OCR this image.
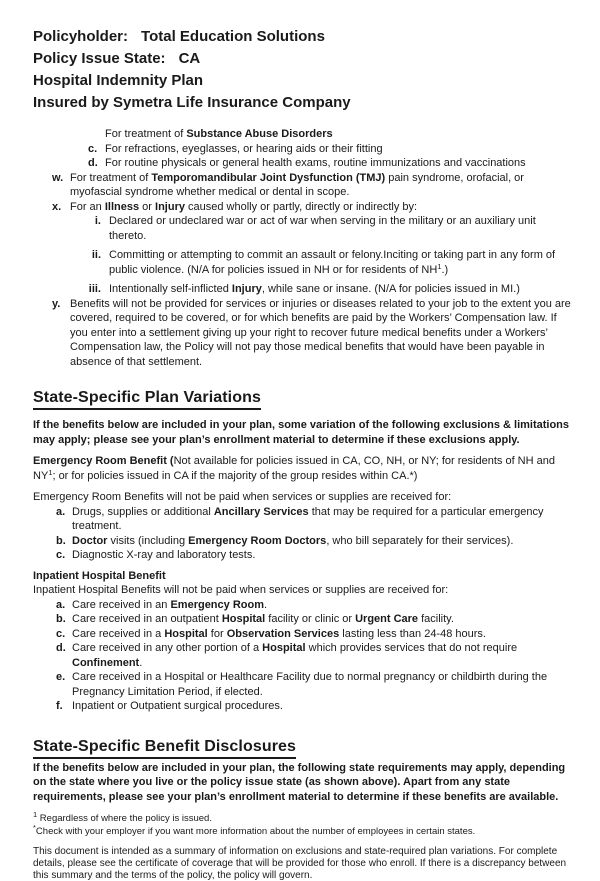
Policyholder: Total Education Solutions
Policy Issue State: CA
Hospital Indemnity Plan
Insured by Symetra Life Insurance Company
For treatment of Substance Abuse Disorders
c. For refractions, eyeglasses, or hearing aids or their fitting
d. For routine physicals or general health exams, routine immunizations and vaccinations
w. For treatment of Temporomandibular Joint Dysfunction (TMJ) pain syndrome, orofacial, or myofascial syndrome whether medical or dental in scope.
x. For an Illness or Injury caused wholly or partly, directly or indirectly by:
i. Declared or undeclared war or act of war when serving in the military or an auxiliary unit thereto.
ii. Committing or attempting to commit an assault or felony.Inciting or taking part in any form of public violence. (N/A for policies issued in NH or for residents of $NH^1$.)
iii. Intentionally self-inflicted Injury, while sane or insane. (N/A for policies issued in MI.)
y. Benefits will not be provided for services or injuries or diseases related to your job to the extent you are covered, required to be covered, or for which benefits are paid by the Workers’ Compensation law. If you enter into a settlement giving up your right to recover future medical benefits under a Workers’ Compensation law, the Policy will not pay those medical benefits that would have been payable in absence of that settlement.
State-Specific Plan Variations

If the benefits below are included in your plan, some variation of the following exclusions & limitations may apply; please see your plan’s enrollment material to determine if these exclusions apply.

Emergency Room Benefit (Not available for policies issued in CA, CO, NH, or NY; for residents of NH and $NY^1$; or for policies issued in CA if the majority of the group resides within CA.*)

Emergency Room Benefits will not be paid when services or supplies are received for:

a. Drugs, supplies or additional Ancillary Services that may be required for a particular emergency treatment.
b. Doctor visits (including Emergency Room Doctors, who bill separately for their services).
c. Diagnostic X-ray and laboratory tests.
Inpatient Hospital Benefit
Inpatient Hospital Benefits will not be paid when services or supplies are received for:
a. Care received in an Emergency Room.
b. Care received in an outpatient Hospital facility or clinic or Urgent Care facility.
c. Care received in a Hospital for Observation Services lasting less than 24-48 hours.
d. Care received in any other portion of a Hospital which provides services that do not require Confinement.
e. Care received in a Hospital or Healthcare Facility due to normal pregnancy or childbirth during the Pregnancy Limitation Period, if elected.
f. Inpatient or Outpatient surgical procedures.
State-Specific Benefit Disclosures

If the benefits below are included in your plan, the following state requirements may apply, depending on the state where you live or the policy issue state (as shown above). Apart from any state requirements, please see your plan’s enrollment material to determine if these benefits are available.

$^1$ Regardless of where the policy is issued.
*Check with your employer if you want more information about the number of employees in certain states.

This document is intended as a summary of information on exclusions and state-required plan variations. For complete details, please see the certificate of coverage that will be provided for those who enroll. If there is a discrepancy between this summary and the terms of the policy, the policy will govern.
